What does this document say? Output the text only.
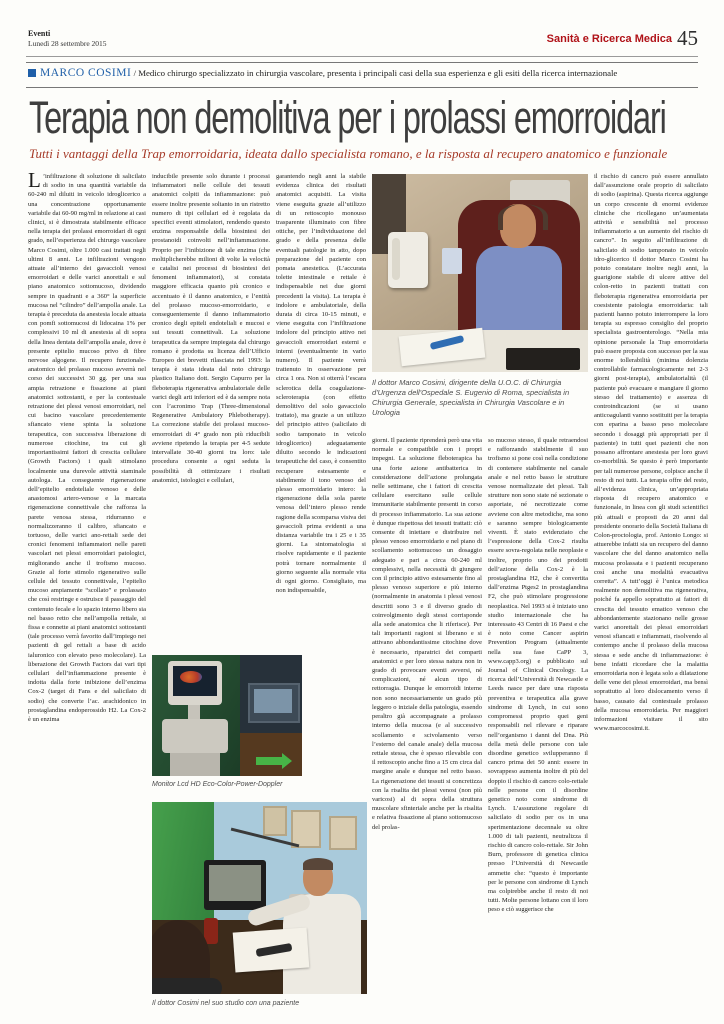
Eventi
Lunedì 28 settembre 2015	Sanità e Ricerca Medica 45
MARCO COSIMI / Medico chirurgo specializzato in chirurgia vascolare, presenta i principali casi della sua esperienza e gli esiti della ricerca internazionale
Terapia non demolitiva per i prolassi emorroidari
Tutti i vantaggi della Trap emorroidaria, ideata dallo specialista romano, e la risposta al recupero anatomico e funzionale
L ’infiltrazione di soluzione di salicilato di sodio in una quantità variabile da 60-240 ml diluiti in veicolo idroglicerico a una concentrazione opportunamente variabile dai 60-90 mg/ml in relazione ai casi clinici, si è dimostrata stabilmente efficace nella terapia dei prolassi emorroidari di ogni grado, nell’esperienza del chirurgo vascolare Marco Cosimi, oltre 1.000 casi trattati negli ultimi 8 anni. Le infiltrazioni vengono attuate all’interno dei gavaccioli venosi emorroidari e delle varici anorettali e sul piano anatomico sottomucoso, dividendo sempre in quadranti e a 360° la superficie mucosa nel “cilindro” dell’ampolla anale. La terapia è preceduta da anestesia locale attuata con pomfi sottomucosi di lidocaina 1% per complessivi 10 ml di anestesia al di sopra della linea dentata dell’ampolla anale, dove è presente epitelio mucoso privo di fibre nervose algogene. Il recupero funzionale-anatomico del prolasso mucoso avverrà nel corso dei successivi 30 gg. per una sua ampia retrazione e fissazione ai piani anatomici sottostanti, e per la contestuale retrazione dei plessi venosi emorroidari, nel cui bacino vascolare precedentemente sfiancato viene spinta la soluzione terapeutica, con successiva liberazione di numerose citochine, tra cui gli importantissimi fattori di crescita cellulare (Growth Factors) i quali stimolano localmente una durevole attività staminale autologa. La conseguente rigenerazione dell’epitelio endoteliale venoso e delle anastomosi artero-venose e la marcata rigenerazione connettivale che rafforza la parete venosa stessa, ridurranno e normalizzeranno il calibro, sfiancato e tortuoso, delle varici ano-rettali sede dei cronici fenomeni infiammatori nelle pareti vascolari nei plessi emorroidari patologici, migliorando anche il trofismo mucoso. Grazie al forte stimolo rigenerativo sulle cellule del tessuto connettivale, l’epitelio mucoso ampiamente “scollato” e prolassato che così restringe e ostruisce il passaggio del contenuto fecale e lo spazio interno libero sia nel basso retto che nell’ampolla rettale, si fissa e connette ai piani anatomici sottostanti (tale processo verrà favorito dall’impiego nei pazienti di gel rettali a base di acido ialuronico con elevato peso molecolare). La liberazione dei Growth Factors dai vari tipi cellulari dell’infiammazione presente è indotta dalla forte inibizione dell’enzima Cox-2 (target di Fans e del salicilato di sodio) che converte l’ac. arachidonico in prostaglandina endoperossido H2. La Cox-2 è un enzima
inducibile presente solo durante i processi infiammatori nelle cellule dei tessuti anatomici colpiti da infiammazione: può essere inoltre presente soltanto in un ristretto numero di tipi cellulari ed è regolata da specifici eventi stimolatori, rendendo questo enzima responsabile della biosintesi dei prostanoidi coinvolti nell’infiammazione. Proprio per l’inibizione di tale enzima (che moltiplicherebbe milioni di volte la velocità e catalisi nei processi di biosintesi dei fenomeni infiammatori), si constata maggiore efficacia quanto più cronico e accentuato è il danno anatomico, e l’entità del prolasso mucoso-emorroidario, e conseguentemente il danno infiammatorio cronico degli epiteli endoteliali e mucosi e sui tessuti connettivali. La soluzione terapeutica da sempre impiegata dal chirurgo romano è prodotta su licenza dell’Ufficio Europeo dei brevetti rilasciata nel 1993: la terapia è stata ideata dal noto chirurgo plastico Italiano dott. Sergio Capurro per la fleboterapia rigenerativa ambulatoriale delle varici degli arti inferiori ed è da sempre nota con l’acronimo Trap (Three-dimensional Regenerative Ambulatory Phlebotherapy). La correzione stabile dei prolassi mucoso-emorroidari di 4° grado non più riducibili avviene ripetendo la terapia per 4-5 sedute intervallate 30-40 giorni tra loro: tale procedura consente a ogni seduta la possibilità di ottimizzare i risultati anatomici, istologici e cellulari,
garantendo negli anni la stabile evidenza clinica dei risultati anatomici acquisiti. La visita viene eseguita grazie all’utilizzo di un rettoscopio monouso trasparente illuminato con fibre ottiche, per l’individuazione del grado e della presenza delle eventuali patologie in atto, dopo preparazione del paziente con pomata anestetica. (L’accurata tolette intestinale e rettale è indispensabile nei due giorni precedenti la visita). La terapia è indolore e ambulatoriale, della durata di circa 10-15 minuti, e viene eseguita con l’infiltrazione indolore del principio attivo nei gavaccioli emorroidari esterni e interni (eventualmente in vario numero). Il paziente verrà trattenuto in osservazione per circa 1 ora. Non si otterrà l’escara sclerotica della coagulazione-scleroterapia (con effetto demolitivo del solo gavacciolo trattato), ma grazie a un utilizzo del principio attivo (salicilato di sodio tamponato in veicolo idroglicerico) adeguatamente diluito secondo le indicazioni terapeutiche del caso, è consentito recuperare estesamente e stabilmente il tono venoso del plesso emorroidario intero: la rigenerazione della sola parete venosa dell’intero plesso rende ragione della scomparsa visiva dei gavaccioli prima evidenti a una distanza variabile tra i 25 e i 35 giorni. La sintomatologia si risolve rapidamente e il paziente potrà tornare normalmente il giorno seguente alla normale vita di ogni giorno. Consigliato, ma non indispensabile,
giorni. Il paziente riprenderà però una vita normale e compatibile con i propri impegni. La soluzione fleboterapica ha una forte azione antibatterica in considerazione dell’azione prolungata nelle settimane, che i fattori di crescita cellulare esercitano sulle cellule immunitarie stabilmente presenti in corso di processo infiammatorio. La sua azione è dunque rispettosa dei tessuti trattati: ciò consente di iniettare e distribuire nel plesso venoso emorroidario e nel piano di scollamento sottomucoso un dosaggio adeguato e pari a circa 60-240 ml complessivi, nella necessità di giungere con il principio attivo estesamente fino al plesso venoso superiore e più interno (normalmente in anatomia i plessi venosi descritti sono 3 e il diverso grado di coinvolgimento degli stessi corrisponde alla sede anatomica che li riferisce). Per tali importanti ragioni si liberano e si attivano abbondantissime citochine dove è necessario, riparatrici dei comparti anatomici e per loro stessa natura non in grado di provocare eventi avversi, né complicazioni, né alcun tipo di rettorragia. Dunque le emorroidi interne non sono necessariamente un grado più leggero o iniziale della patologia, essendo peraltro già accompagnate a prolasso interno della mucosa (e al successivo scollamento e scivolamento verso l’esterno del canale anale) della mucosa rettale stessa, che è spesso rilevabile con il rettoscopio anche fino a 15 cm circa dal margine anale e dunque nel retto basso. La rigenerazione dei tessuti si concretizza con la risalita dei plessi venosi (non più varicosi) al di sopra della struttura muscolare sfinteriale anche per la risalita e relativa fissazione al piano sottomucoso del prolas-
so mucoso stesso, il quale retraendosi e rafforzando stabilmente il suo trofismo si pone così nella condizione di contenere stabilmente nel canale anale e nel retto basso le strutture venose normalizzate dei plessi. Tali strutture non sono state né sezionate o asportate, né necrotizzate come avviene con altre metodiche, ma sono e saranno sempre biologicamente viventi. È stato evidenziato che l’espressione della Cox-2 risulta essere sovra-regolata nelle neoplasie e inoltre, proprio uno dei prodotti dell’azione della Cox-2 è la prostaglandina H2, che è convertita dall’enzima Ptges2 in prostaglandina F2, che può stimolare progressione neoplastica. Nel 1993 si è iniziato uno studio internazionale che ha interessato 43 Centri di 16 Paesi e che è noto come Cancer aspirin Prevention Program (attualmente nella sua fase CaPP 3, www.capp3.org) e pubblicato sul Journal of Clinical Oncology. La ricerca dell’Università di Newcastle e Leeds nasce per dare una risposta preventiva e terapeutica alla grave sindrome di Lynch, in cui sono compromessi proprio quei geni responsabili nel rilevare e riparare nell’organismo i danni del Dna. Più della metà delle persone con tale disordine genetico svilupperanno il cancro prima dei 50 anni: essere in sovrappeso aumenta inoltre di più del doppio il rischio di cancro colo-rettale nelle persone con il disordine genetico noto come sindrome di Lynch. L’assunzione regolare di salicilato di sodio per os in una sperimentazione decennale su oltre 1.000 di tali pazienti, neutralizza il rischio di cancro colo-rettale. Sir John Burn, professore di genetica clinica presso l’Università di Newcastle ammette che: “questo è importante per le persone con sindrome di Lynch ma colpirebbe anche il resto di noi tutti. Molte persone lottano con il loro peso e ciò suggerisce che
il rischio di cancro può essere annullato dall’assunzione orale proprio di salicilato di sodio (aspirina). Questa ricerca aggiunge un corpo crescente di enormi evidenze cliniche che ricollegano un’aumentata attività e sensibilità nel processo infiammatorio a un aumento del rischio di cancro”. In seguito all’infiltrazione di salicilato di sodio tamponato in veicolo idro-glicerico il dottor Marco Cosimi ha potuto constatare inoltre negli anni, la guarigione stabile di ulcere attive del colon-retto in pazienti trattati con fleboterapia rigenerativa emorroidaria per coesistente patologia emorroidaria: tali pazienti hanno potuto interrompere la loro terapia su espresso consiglio del proprio specialista gastroenterologo. “Nella mia opinione personale la Trap emorroidaria può essere proposta con successo per la sua enorme tollerabilità (minima dolenzia controllabile farmacologicamente nei 2-3 giorni post-terapia), ambulatorialità (il paziente può evacuare e mangiare il giorno stesso del trattamento) e assenza di controindicazioni (se si usano anticoagulanti vanno sostituiti per la terapia con eparina a basso peso molecolare secondo i dosaggi più appropriati per il paziente) in tutti quei pazienti che non possano affrontare anestesia per loro gravi co-morbilità. Se questo è però importante per tali numerose persone, colpisce anche il resto di noi tutti. La terapia offre del resto, all’evidenza clinica, un’appropriata risposta di recupero anatomico e funzionale, in linea con gli studi scientifici più attuali e proposti da 20 anni dal presidente onorario della Società Italiana di Colon-proctologia, prof. Antonio Longo: si attuerebbe infatti sia un recupero del danno vascolare che del danno anatomico nella mucosa prolassata e i pazienti recuperano così anche una modalità evacuativa corretta”. A tutt’oggi è l’unica metodica realmente non demolitiva ma rigenerativa, poiché fa appello soprattutto ai fattori di crescita del tessuto ematico venoso che abbondantemente stazionano nelle grosse varici anorettali dei plessi emorroidari venosi sfiancati e infiammati, risolvendo al contempo anche il prolasso della mucosa stessa e sede anche di infiammazione: è bene infatti ricordare che la malattia emorroidaria non è legata solo a dilatazione delle vene dei plessi emorroidari, ma bensì soprattutto al loro dislocamento verso il basso, causato dal contestuale prolasso della mucosa emorroidaria. Per maggiori informazioni visitare il sito www.marcocosimi.it.
Il dottor Marco Cosimi, dirigente della U.O.C. di Chirurgia d'Urgenza dell'Ospedale S. Eugenio di Roma, specialista in Chirurgia Generale, specialista in Chirurgia Vascolare e in Urologia
Monitor Lcd HD Eco-Color-Power-Doppler
Il dottor Cosimi nel suo studio con una paziente
